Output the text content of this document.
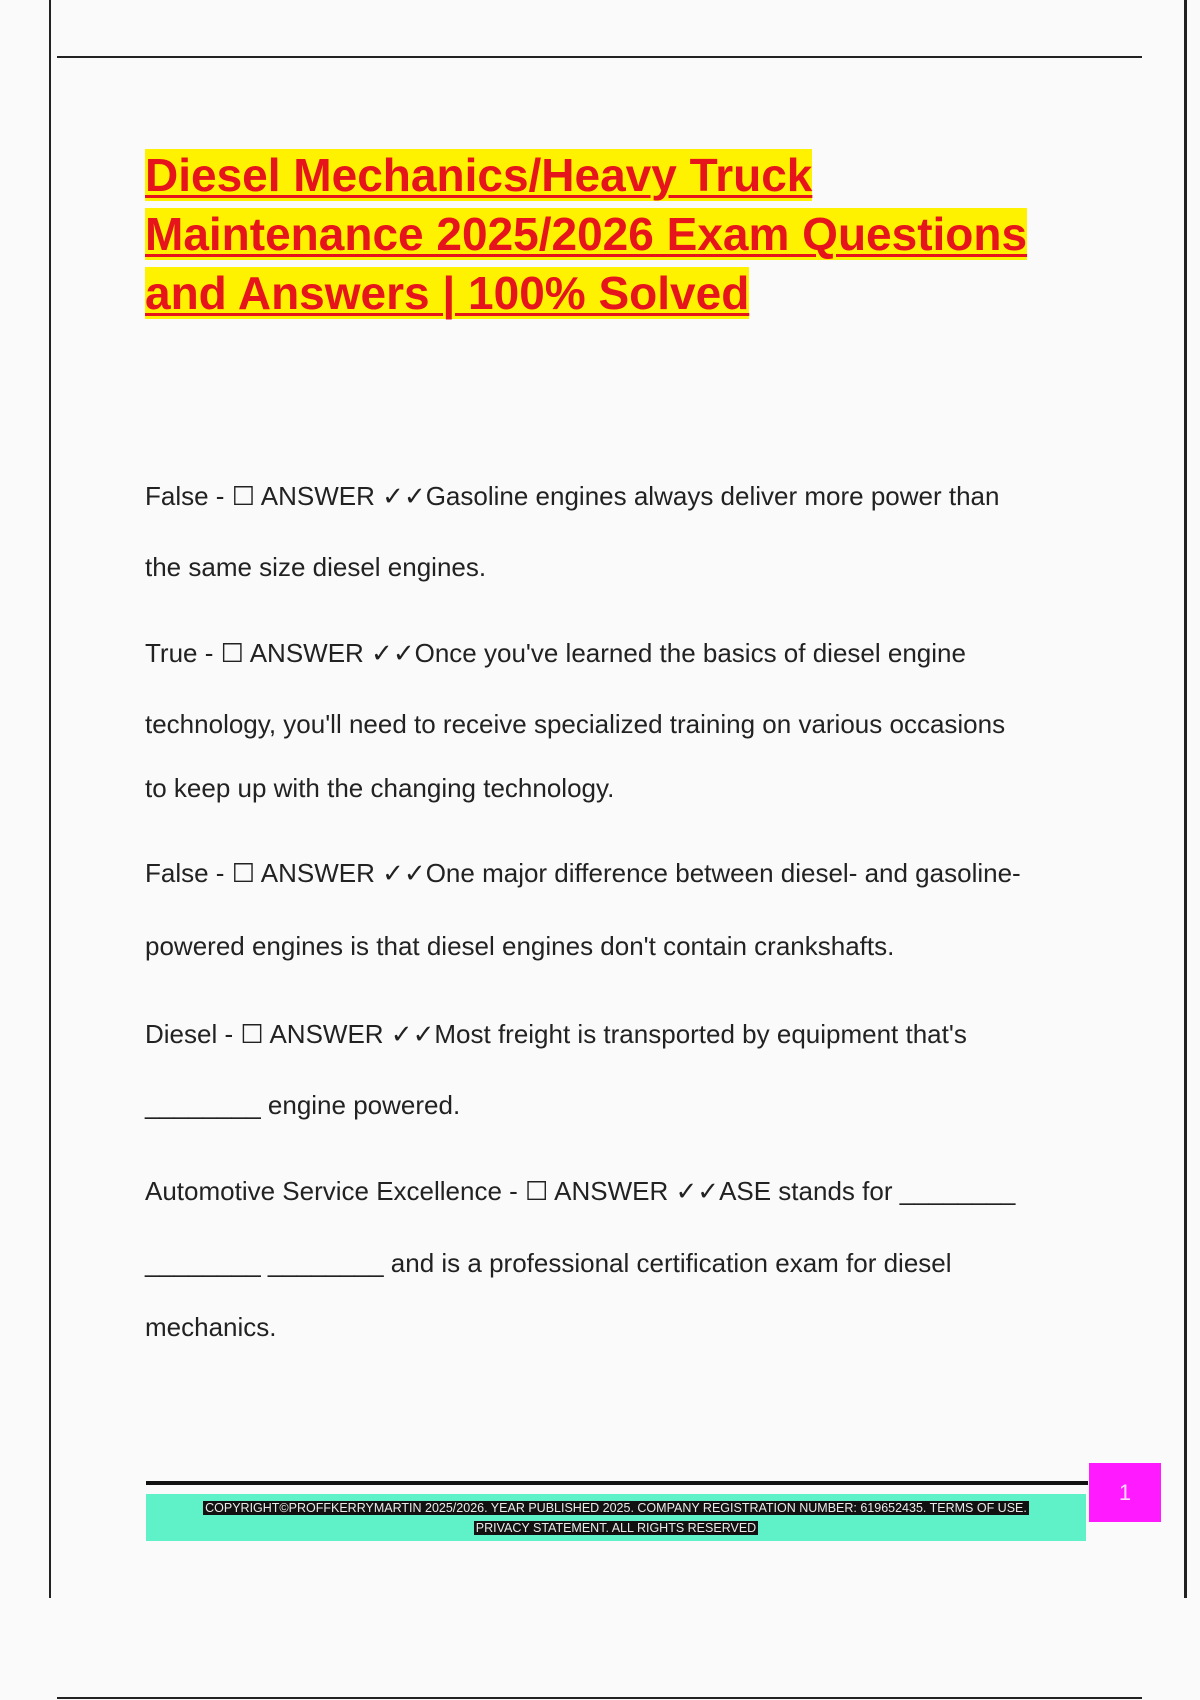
Diesel Mechanics/Heavy Truck
Maintenance 2025/2026 Exam Questions
and Answers | 100% Solved
False - ☐ ANSWER ✓✓Gasoline engines always deliver more power than
the same size diesel engines.
True - ☐ ANSWER ✓✓Once you've learned the basics of diesel engine
technology, you'll need to receive specialized training on various occasions
to keep up with the changing technology.
False - ☐ ANSWER ✓✓One major difference between diesel- and gasoline-
powered engines is that diesel engines don't contain crankshafts.
Diesel - ☐ ANSWER ✓✓Most freight is transported by equipment that's
________ engine powered.
Automotive Service Excellence - ☐ ANSWER ✓✓ASE stands for ________
________ ________ and is a professional certification exam for diesel
mechanics.
COPYRIGHT©PROFFKERRYMARTIN 2025/2026. YEAR PUBLISHED 2025. COMPANY REGISTRATION NUMBER: 619652435. TERMS OF USE.
PRIVACY STATEMENT. ALL RIGHTS RESERVED
1
